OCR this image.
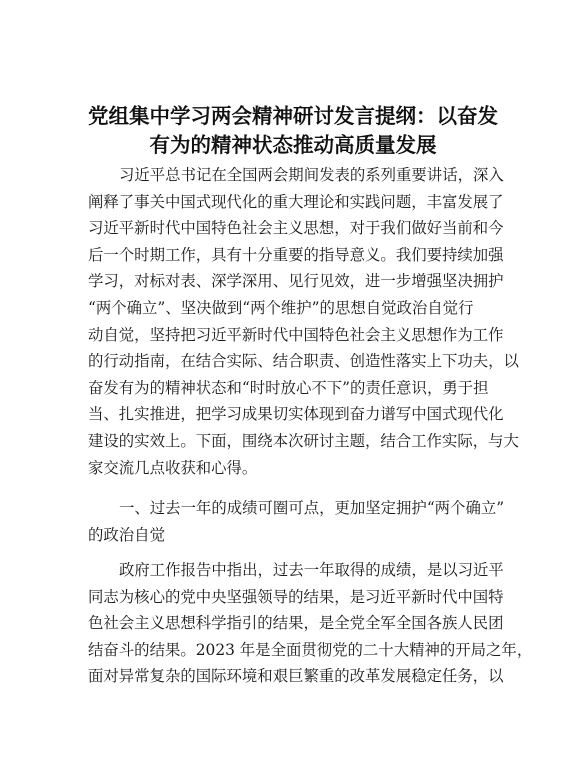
党组集中学习两会精神研讨发言提纲：以奋发
有为的精神状态推动高质量发展
习近平总书记在全国两会期间发表的系列重要讲话，深入
阐释了事关中国式现代化的重大理论和实践问题，丰富发展了
习近平新时代中国特色社会主义思想，对于我们做好当前和今
后一个时期工作，具有十分重要的指导意义。我们要持续加强
学习，对标对表、深学深用、见行见效，进一步增强坚决拥护
“两个确立”、坚决做到“两个维护”的思想自觉政治自觉行
动自觉，坚持把习近平新时代中国特色社会主义思想作为工作
的行动指南，在结合实际、结合职责、创造性落实上下功夫，以
奋发有为的精神状态和“时时放心不下”的责任意识，勇于担
当、扎实推进，把学习成果切实体现到奋力谱写中国式现代化
建设的实效上。下面，围绕本次研讨主题，结合工作实际，与大
家交流几点收获和心得。
一、过去一年的成绩可圈可点，更加坚定拥护“两个确立”
的政治自觉
政府工作报告中指出，过去一年取得的成绩，是以习近平
同志为核心的党中央坚强领导的结果，是习近平新时代中国特
色社会主义思想科学指引的结果，是全党全军全国各族人民团
结奋斗的结果。2023 年是全面贯彻党的二十大精神的开局之年，
面对异常复杂的国际环境和艰巨繁重的改革发展稳定任务，以
